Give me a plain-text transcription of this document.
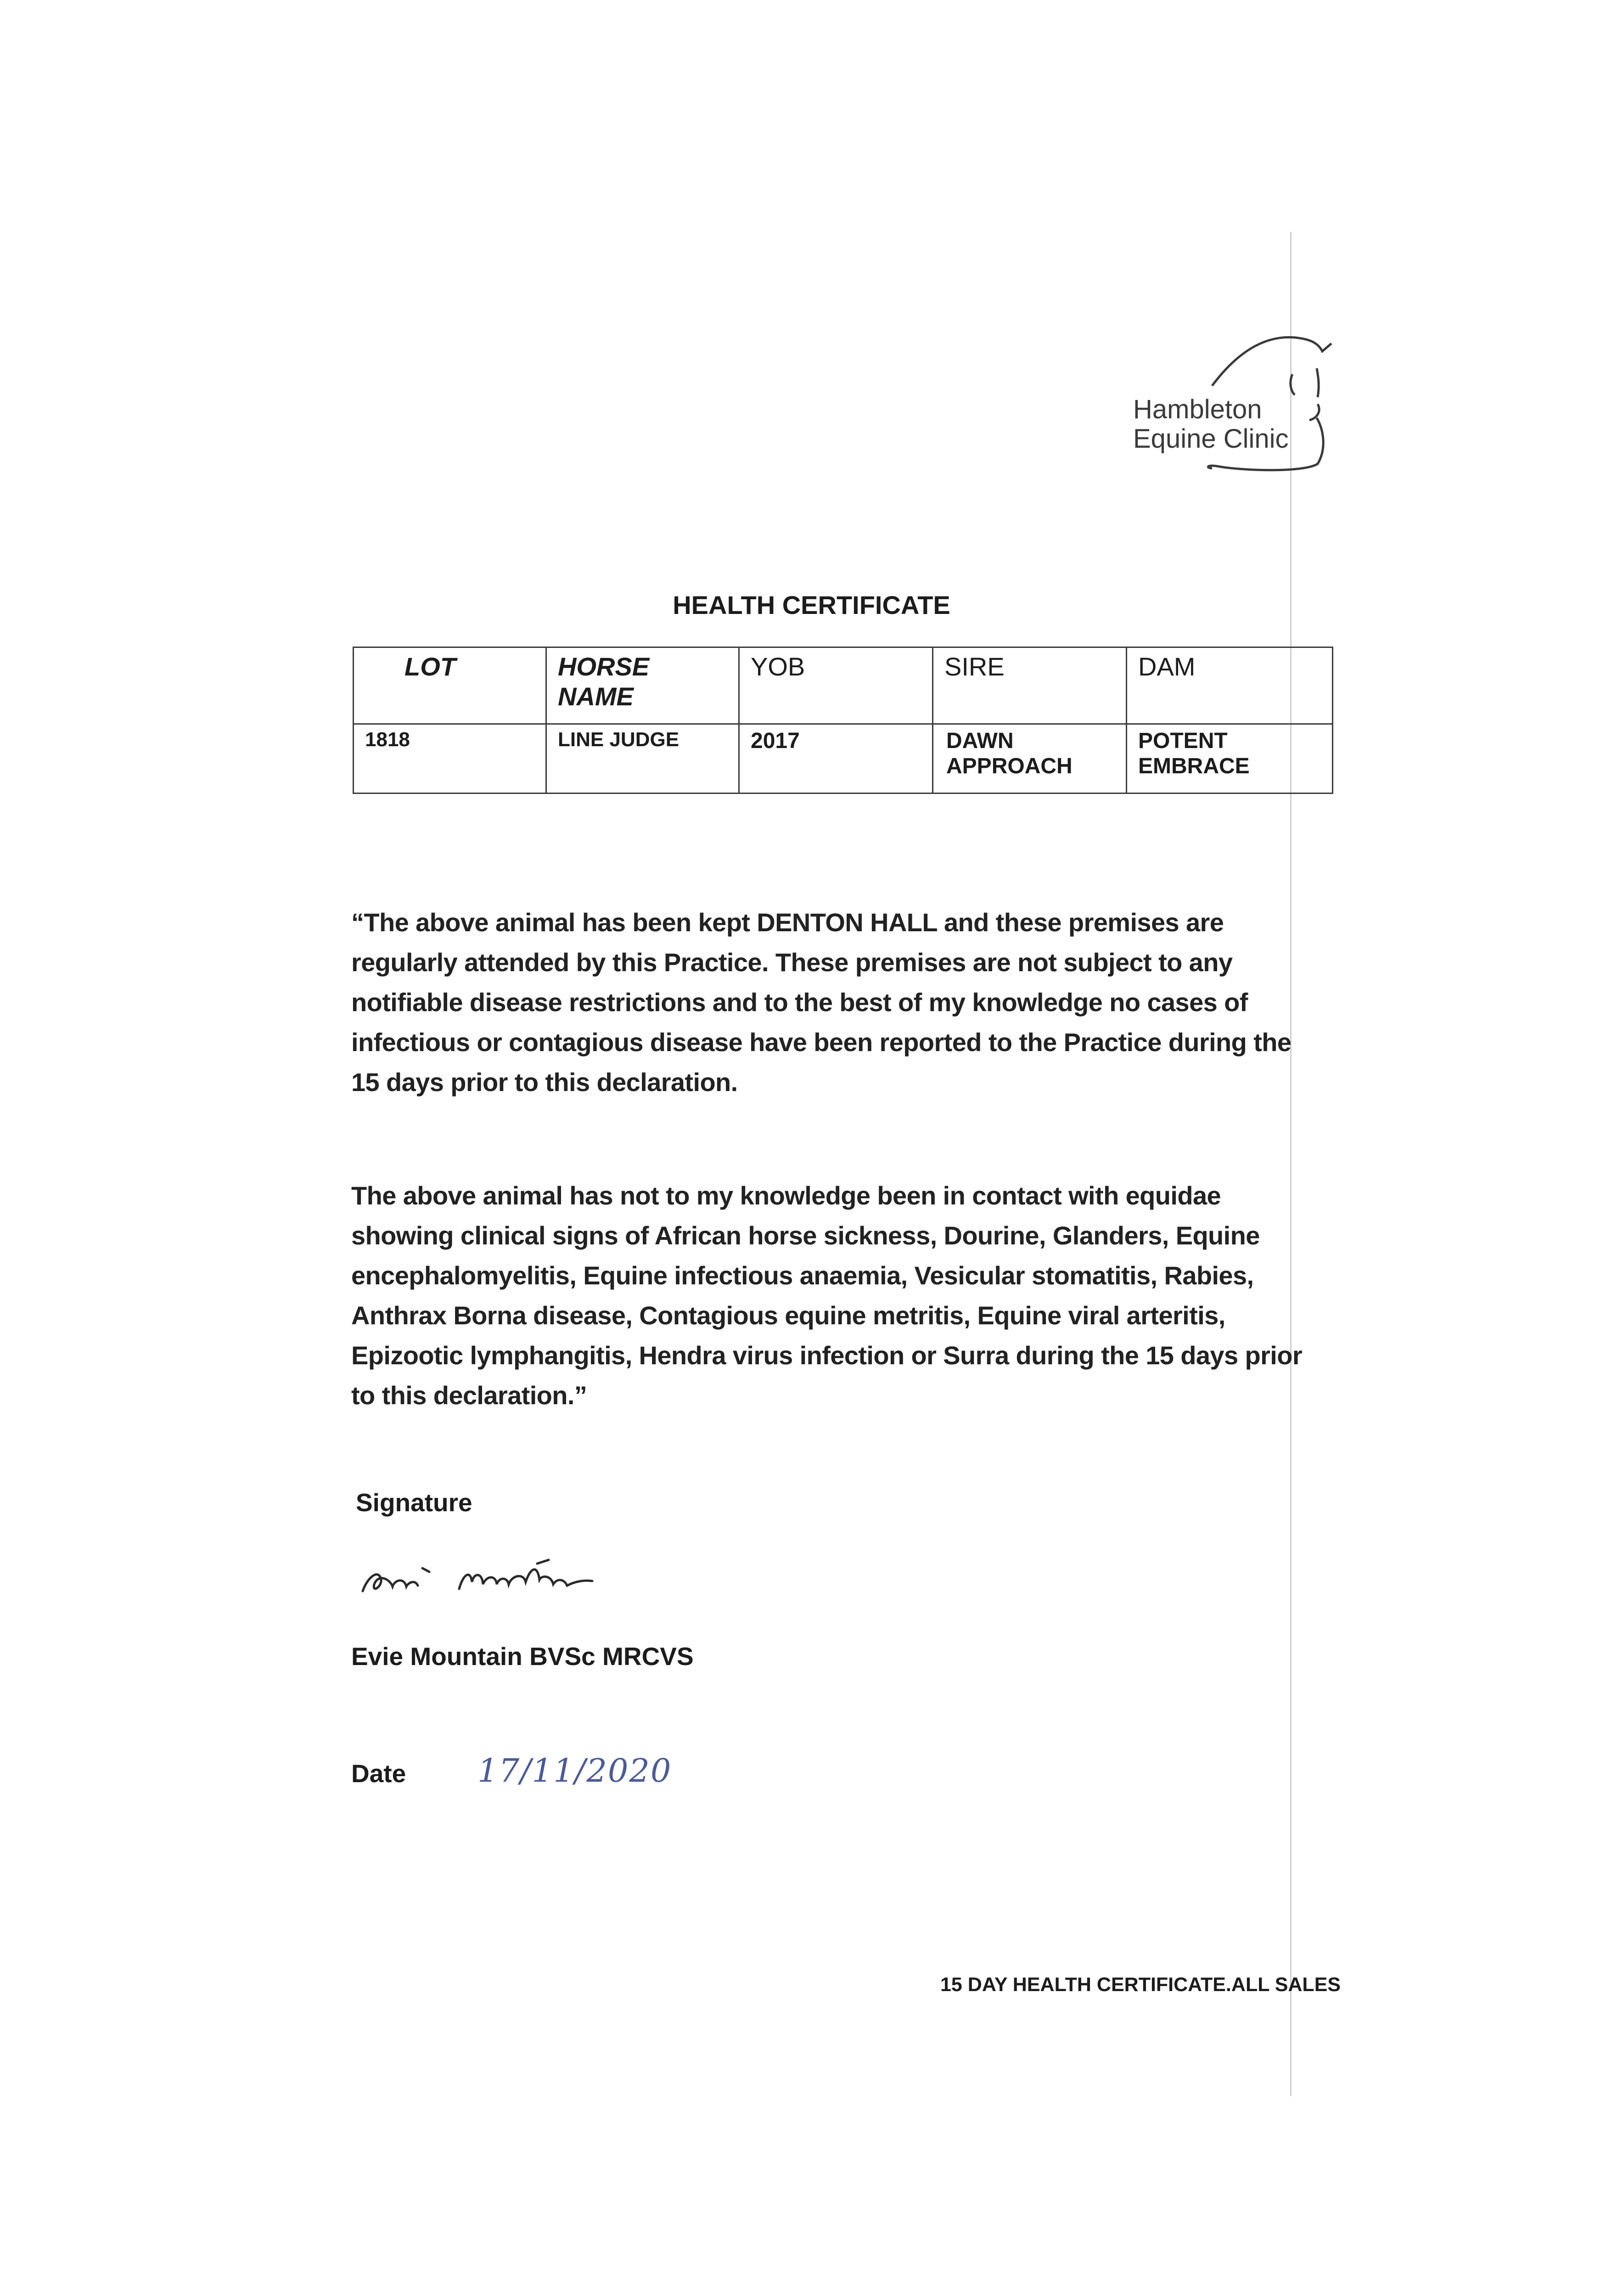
Hambleton
Equine Clinic
HEALTH CERTIFICATE
LOT	HORSE NAME	YOB	SIRE	DAM
1818	LINE JUDGE	2017	DAWN APPROACH	POTENT EMBRACE
“The above animal has been kept DENTON HALL and these premises are regularly attended by this Practice. These premises are not subject to any notifiable disease restrictions and to the best of my knowledge no cases of infectious or contagious disease have been reported to the Practice during the 15 days prior to this declaration.
The above animal has not to my knowledge been in contact with equidae showing clinical signs of African horse sickness, Dourine, Glanders, Equine encephalomyelitis, Equine infectious anaemia, Vesicular stomatitis, Rabies, Anthrax Borna disease, Contagious equine metritis, Equine viral arteritis, Epizootic lymphangitis, Hendra virus infection or Surra during the 15 days prior to this declaration.”
Signature
Evie Mountain BVSc MRCVS
Date 17/11/2020
15 DAY HEALTH CERTIFICATE.ALL SALES
